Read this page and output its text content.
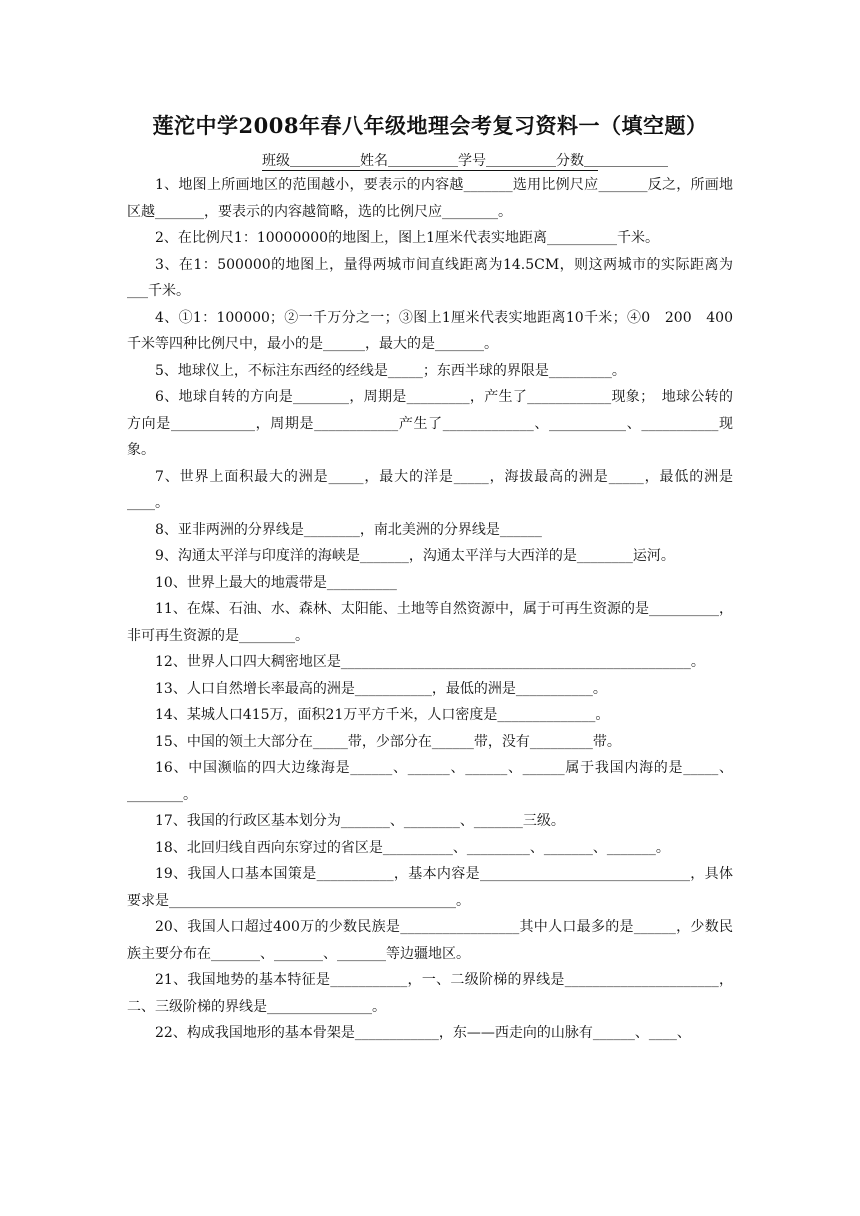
莲沱中学2008年春八年级地理会考复习资料一（填空题）
班级＿＿＿＿＿姓名＿＿＿＿＿学号＿＿＿＿＿分数＿＿＿＿＿＿

1、地图上所画地区的范围越小，要表示的内容越_______选用比例尺应_______反之，所画地区越_______，要表示的内容越简略，选的比例尺应________。

2、在比例尺1：10000000的地图上，图上1厘米代表实地距离__________千米。

3、在1：500000的地图上，量得两城市间直线距离为14.5CM，则这两城市的实际距离为___千米。

4、①1：100000；②一千万分之一；③图上1厘米代表实地距离10千米；④0　200　400千米等四种比例尺中，最小的是______，最大的是_______。

5、地球仪上，不标注东西经的经线是_____；东西半球的界限是_________。

6、地球自转的方向是________，周期是_________，产生了____________现象；　地球公转的方向是____________，周期是____________产生了_____________、___________、___________现象。

7、世界上面积最大的洲是_____，最大的洋是_____，海拔最高的洲是_____，最低的洲是____。

8、亚非两洲的分界线是________，南北美洲的分界线是______

9、沟通太平洋与印度洋的海峡是_______，沟通太平洋与大西洋的是________运河。

10、世界上最大的地震带是__________

11、在煤、石油、水、森林、太阳能、土地等自然资源中，属于可再生资源的是__________，非可再生资源的是________。

12、世界人口四大稠密地区是__________________________________________________。

13、人口自然增长率最高的洲是___________，最低的洲是___________。

14、某城人口415万，面积21万平方千米，人口密度是______________。

15、中国的领土大部分在_____带，少部分在______带，没有_________带。

16、中国濒临的四大边缘海是______、______、______、______属于我国内海的是_____、________。

17、我国的行政区基本划分为_______、________、_______三级。

18、北回归线自西向东穿过的省区是__________、_________、_______、_______。

19、我国人口基本国策是___________，基本内容是______________________________，具体要求是_________________________________________。

20、我国人口超过400万的少数民族是_________________其中人口最多的是______，少数民族主要分布在_______、_______、_______等边疆地区。

21、我国地势的基本特征是___________，一、二级阶梯的界线是______________________，二、三级阶梯的界线是_______________。

22、构成我国地形的基本骨架是____________，东——西走向的山脉有______、____、
